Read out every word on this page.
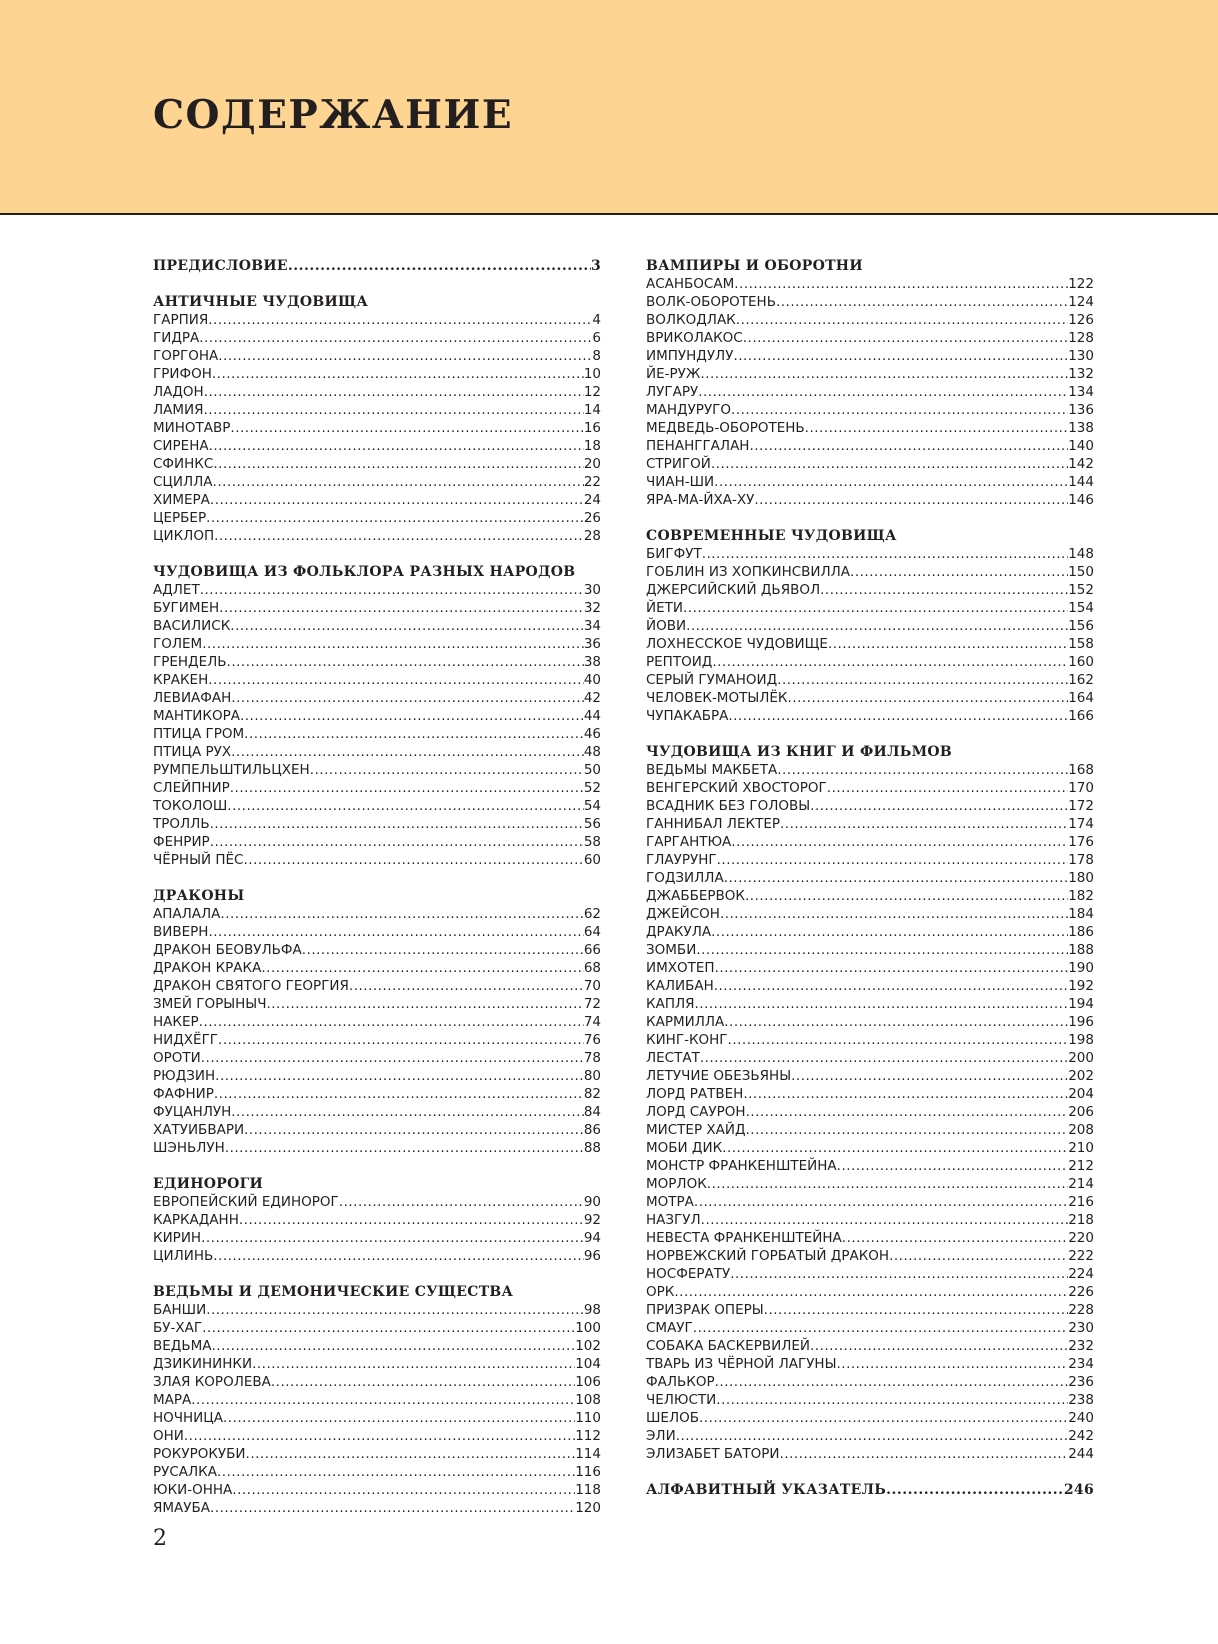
СОДЕРЖАНИЕ
ПРЕДИСЛОВИЕ .....	3
АНТИЧНЫЕ ЧУДОВИЩА
ГАРПИЯ .....	4
ГИДРА .....	6
ГОРГОНА .....	8
ГРИФОН .....	10
ЛАДОН .....	12
ЛАМИЯ .....	14
МИНОТАВР .....	16
СИРЕНА .....	18
СФИНКС .....	20
СЦИЛЛА .....	22
ХИМЕРА .....	24
ЦЕРБЕР .....	26
ЦИКЛОП .....	28
ЧУДОВИЩА ИЗ ФОЛЬКЛОРА РАЗНЫХ НАРОДОВ
АДЛЕТ .....	30
БУГИМЕН .....	32
ВАСИЛИСК .....	34
ГОЛЕМ .....	36
ГРЕНДЕЛЬ .....	38
КРАКЕН .....	40
ЛЕВИАФАН .....	42
МАНТИКОРА .....	44
ПТИЦА ГРОМ .....	46
ПТИЦА РУХ .....	48
РУМПЕЛЬШТИЛЬЦХЕН .....	50
СЛЕЙПНИР .....	52
ТОКОЛОШ .....	54
ТРОЛЛЬ .....	56
ФЕНРИР .....	58
ЧЁРНЫЙ ПЁС .....	60
ДРАКОНЫ
АПАЛАЛА .....	62
ВИВЕРН .....	64
ДРАКОН БЕОВУЛЬФА .....	66
ДРАКОН КРАКА .....	68
ДРАКОН СВЯТОГО ГЕОРГИЯ .....	70
ЗМЕЙ ГОРЫНЫЧ .....	72
НАКЕР .....	74
НИДХЁГГ .....	76
ОРОТИ .....	78
РЮДЗИН .....	80
ФАФНИР .....	82
ФУЦАНЛУН .....	84
ХАТУИБВАРИ .....	86
ШЭНЬЛУН .....	88
ЕДИНОРОГИ
ЕВРОПЕЙСКИЙ ЕДИНОРОГ .....	90
КАРКАДАНН .....	92
КИРИН .....	94
ЦИЛИНЬ .....	96
ВЕДЬМЫ И ДЕМОНИЧЕСКИЕ СУЩЕСТВА
БАНШИ .....	98
БУ-ХАГ .....	100
ВЕДЬМА .....	102
ДЗИКИНИНКИ .....	104
ЗЛАЯ КОРОЛЕВА .....	106
МАРА .....	108
НОЧНИЦА .....	110
ОНИ .....	112
РОКУРОКУБИ .....	114
РУСАЛКА .....	116
ЮКИ-ОННА .....	118
ЯМАУБА .....	120
ВАМПИРЫ И ОБОРОТНИ
АСАНБОСАМ .....	122
ВОЛК-ОБОРОТЕНЬ .....	124
ВОЛКОДЛАК .....	126
ВРИКОЛАКОС .....	128
ИМПУНДУЛУ .....	130
ЙЕ-РУЖ .....	132
ЛУГАРУ .....	134
МАНДУРУГО .....	136
МЕДВЕДЬ-ОБОРОТЕНЬ .....	138
ПЕНАНГГАЛАН .....	140
СТРИГОЙ .....	142
ЧИАН-ШИ .....	144
ЯРА-МА-ЙХА-ХУ .....	146
СОВРЕМЕННЫЕ ЧУДОВИЩА
БИГФУТ .....	148
ГОБЛИН ИЗ ХОПКИНСВИЛЛА .....	150
ДЖЕРСИЙСКИЙ ДЬЯВОЛ .....	152
ЙЕТИ .....	154
ЙОВИ .....	156
ЛОХНЕССКОЕ ЧУДОВИЩЕ .....	158
РЕПТОИД .....	160
СЕРЫЙ ГУМАНОИД .....	162
ЧЕЛОВЕК-МОТЫЛЁК .....	164
ЧУПАКАБРА .....	166
ЧУДОВИЩА ИЗ КНИГ И ФИЛЬМОВ
ВЕДЬМЫ МАКБЕТА .....	168
ВЕНГЕРСКИЙ ХВОСТОРОГ .....	170
ВСАДНИК БЕЗ ГОЛОВЫ .....	172
ГАННИБАЛ ЛЕКТЕР .....	174
ГАРГАНТЮА .....	176
ГЛАУРУНГ .....	178
ГОДЗИЛЛА .....	180
ДЖАББЕРВОК .....	182
ДЖЕЙСОН .....	184
ДРАКУЛА .....	186
ЗОМБИ .....	188
ИМХОТЕП .....	190
КАЛИБАН .....	192
КАПЛЯ .....	194
КАРМИЛЛА .....	196
КИНГ-КОНГ .....	198
ЛЕСТАТ .....	200
ЛЕТУЧИЕ ОБЕЗЬЯНЫ .....	202
ЛОРД РАТВЕН .....	204
ЛОРД САУРОН .....	206
МИСТЕР ХАЙД .....	208
МОБИ ДИК .....	210
МОНСТР ФРАНКЕНШТЕЙНА .....	212
МОРЛОК .....	214
МОТРА .....	216
НАЗГУЛ .....	218
НЕВЕСТА ФРАНКЕНШТЕЙНА .....	220
НОРВЕЖСКИЙ ГОРБАТЫЙ ДРАКОН .....	222
НОСФЕРАТУ .....	224
ОРК .....	226
ПРИЗРАК ОПЕРЫ .....	228
СМАУГ .....	230
СОБАКА БАСКЕРВИЛЕЙ .....	232
ТВАРЬ ИЗ ЧЁРНОЙ ЛАГУНЫ .....	234
ФАЛЬКОР .....	236
ЧЕЛЮСТИ .....	238
ШЕЛОБ .....	240
ЭЛИ .....	242
ЭЛИЗАБЕТ БАТОРИ .....	244
АЛФАВИТНЫЙ УКАЗАТЕЛЬ .....	246
2
